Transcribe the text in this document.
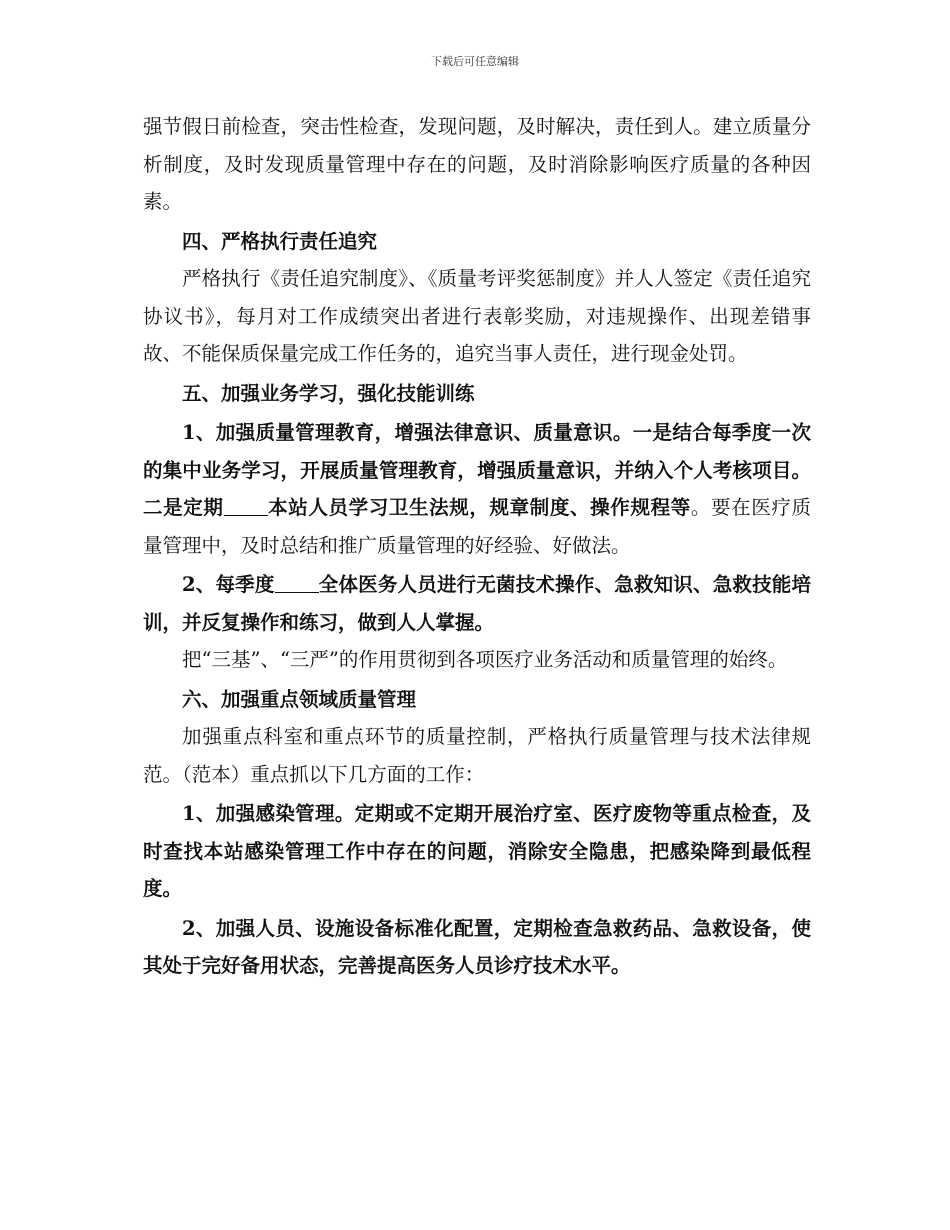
下载后可任意编辑

强节假日前检查，突击性检查，发现问题，及时解决，责任到人。建立质量分析制度，及时发现质量管理中存在的问题，及时消除影响医疗质量的各种因素。

四、严格执行责任追究

严格执行《责任追究制度》、《质量考评奖惩制度》并人人签定《责任追究协议书》，每月对工作成绩突出者进行表彰奖励，对违规操作、出现差错事故、不能保质保量完成工作任务的，追究当事人责任，进行现金处罚。

五、加强业务学习，强化技能训练

1、加强质量管理教育，增强法律意识、质量意识。一是结合每季度一次的集中业务学习，开展质量管理教育，增强质量意识，并纳入个人考核项目。二是定期 本站人员学习卫生法规，规章制度、操作规程等。要在医疗质量管理中，及时总结和推广质量管理的好经验、好做法。

2、每季度 全体医务人员进行无菌技术操作、急救知识、急救技能培训，并反复操作和练习，做到人人掌握。

把“三基”、“三严”的作用贯彻到各项医疗业务活动和质量管理的始终。

六、加强重点领域质量管理

加强重点科室和重点环节的质量控制，严格执行质量管理与技术法律规范。（范本）重点抓以下几方面的工作：

1、加强感染管理。定期或不定期开展治疗室、医疗废物等重点检查，及时查找本站感染管理工作中存在的问题，消除安全隐患，把感染降到最低程度。

2、加强人员、设施设备标准化配置，定期检查急救药品、急救设备，使其处于完好备用状态，完善提高医务人员诊疗技术水平。
